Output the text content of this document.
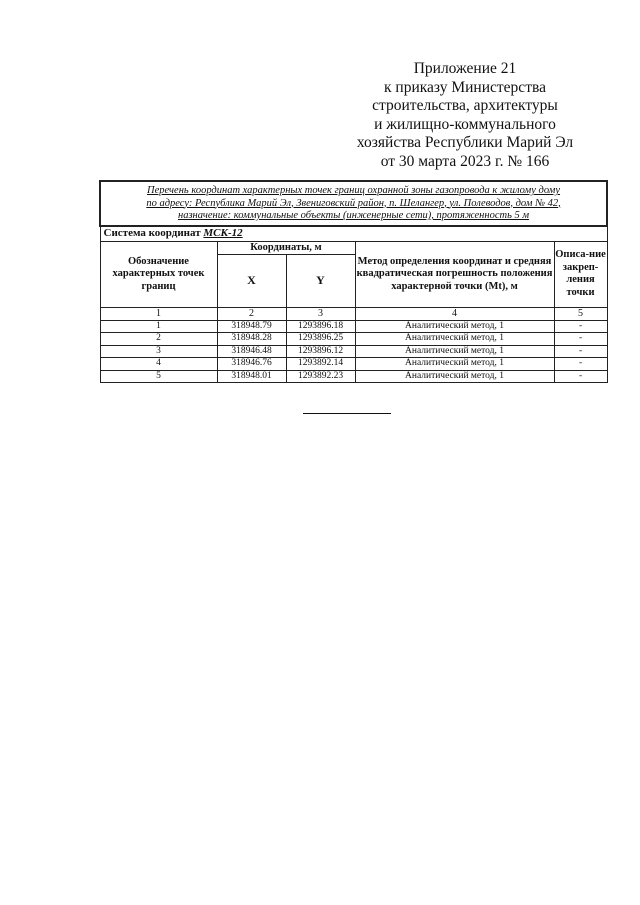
Приложение 21
к приказу Министерства
строительства, архитектуры
и жилищно-коммунального
хозяйства Республики Марий Эл
от 30 марта 2023 г. № 166
Перечень координат характерных точек границ охранной зоны газопровода к жилому дому
по адресу: Республика Марий Эл, Звениговский район, п. Шелангер, ул. Полеводов, дом № 42,
назначение: коммунальные объекты (инженерные сети), протяженность 5 м				

Система координат МСК-12				
Обозначение характерных точек границ	Координаты, м		Метод определения координат и средняя квадратическая погрешность положения характерной точки (Mt), м	Описа-ние закреп-ления точки
	X	Y		
1	2	3	4	5
1	318948.79	1293896.18	Аналитический метод, 1	-
2	318948.28	1293896.25	Аналитический метод, 1	-
3	318946.48	1293896.12	Аналитический метод, 1	-
4	318946.76	1293892.14	Аналитический метод, 1	-
5	318948.01	1293892.23	Аналитический метод, 1	-
